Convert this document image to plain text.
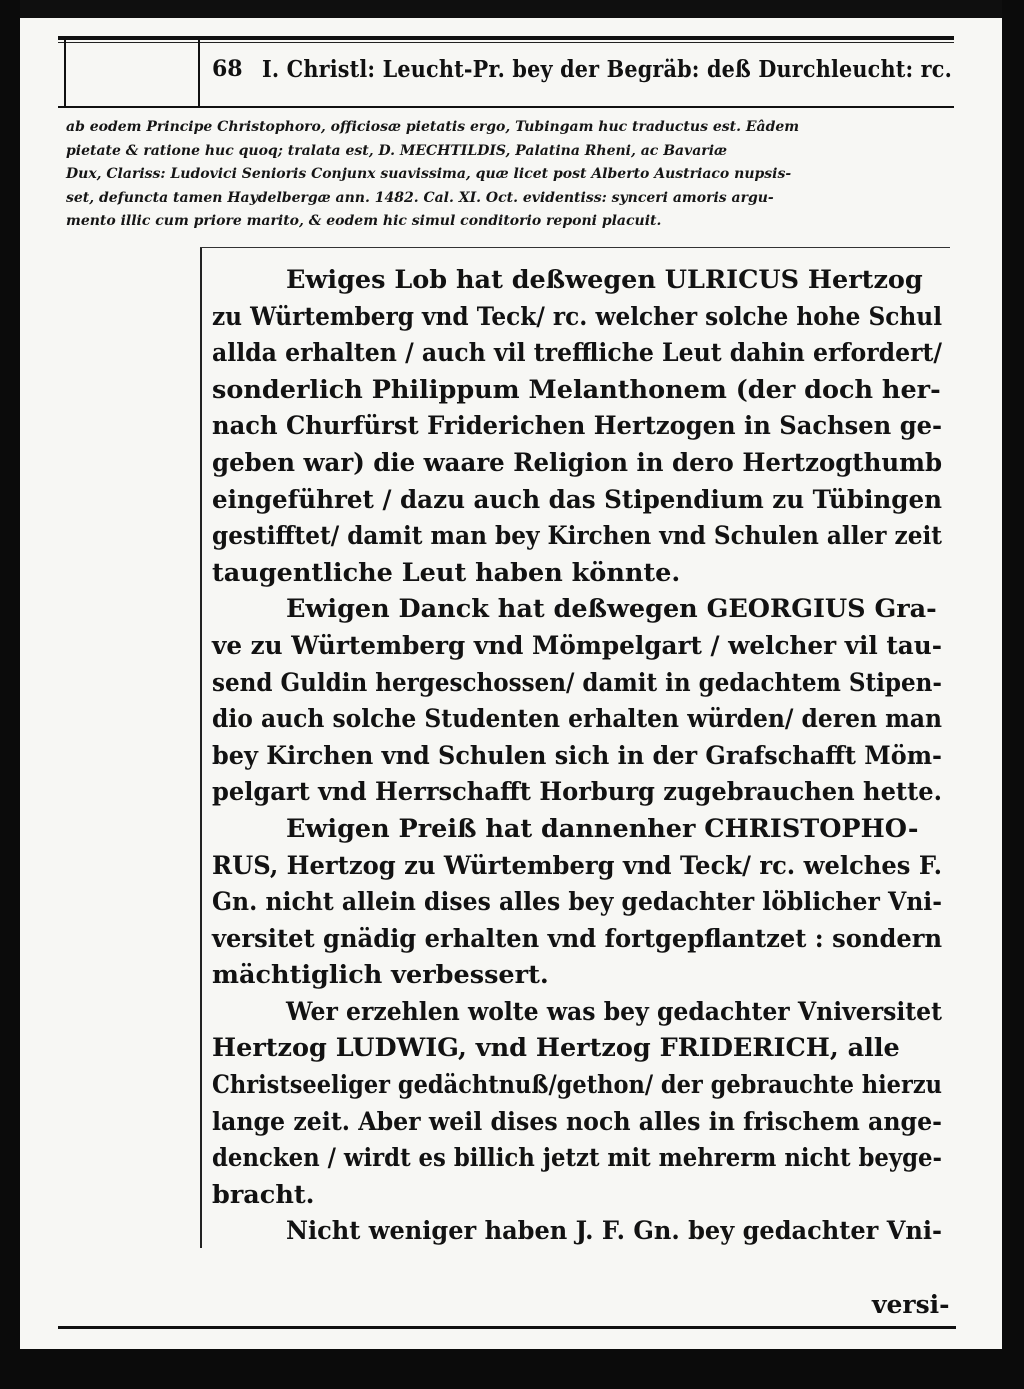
68 I. Christl: Leucht-Pr. bey der Begräb: deß Durchleucht: rc.
ab eodem Principe Christophoro, officiosæ pietatis ergo, Tubingam huc traductus est. Eâdem
pietate & ratione huc quoq; tralata est, D. MECHTILDIS, Palatina Rheni, ac Bavariæ
Dux, Clariss: Ludovici Senioris Conjunx suavissima, quæ licet post Alberto Austriaco nupsis-
set, defuncta tamen Haydelbergæ ann. 1482. Cal. XI. Oct. evidentiss: synceri amoris argu-
mento illic cum priore marito, & eodem hic simul conditorio reponi placuit.
Ewiges Lob hat deßwegen ULRICUS Hertzog
zu Würtemberg vnd Teck/ rc. welcher solche hohe Schul
allda erhalten / auch vil treffliche Leut dahin erfordert/
sonderlich Philippum Melanthonem (der doch her-
nach Churfürst Friderichen Hertzogen in Sachsen ge-
geben war) die waare Religion in dero Hertzogthumb
eingeführet / dazu auch das Stipendium zu Tübingen
gestifftet/ damit man bey Kirchen vnd Schulen aller zeit
taugentliche Leut haben könnte.
Ewigen Danck hat deßwegen GEORGIUS Gra-
ve zu Würtemberg vnd Mömpelgart / welcher vil tau-
send Guldin hergeschossen/ damit in gedachtem Stipen-
dio auch solche Studenten erhalten würden/ deren man
bey Kirchen vnd Schulen sich in der Grafschafft Möm-
pelgart vnd Herrschafft Horburg zugebrauchen hette.
Ewigen Preiß hat dannenher CHRISTOPHO-
RUS, Hertzog zu Würtemberg vnd Teck/ rc. welches F.
Gn. nicht allein dises alles bey gedachter löblicher Vni-
versitet gnädig erhalten vnd fortgepflantzet : sondern
mächtiglich verbessert.
Wer erzehlen wolte was bey gedachter Vniversitet
Hertzog LUDWIG, vnd Hertzog FRIDERICH, alle
Christseeliger gedächtnuß/gethon/ der gebrauchte hierzu
lange zeit. Aber weil dises noch alles in frischem ange-
dencken / wirdt es billich jetzt mit mehrerm nicht beyge-
bracht.
Nicht weniger haben J. F. Gn. bey gedachter Vni-
versi-
